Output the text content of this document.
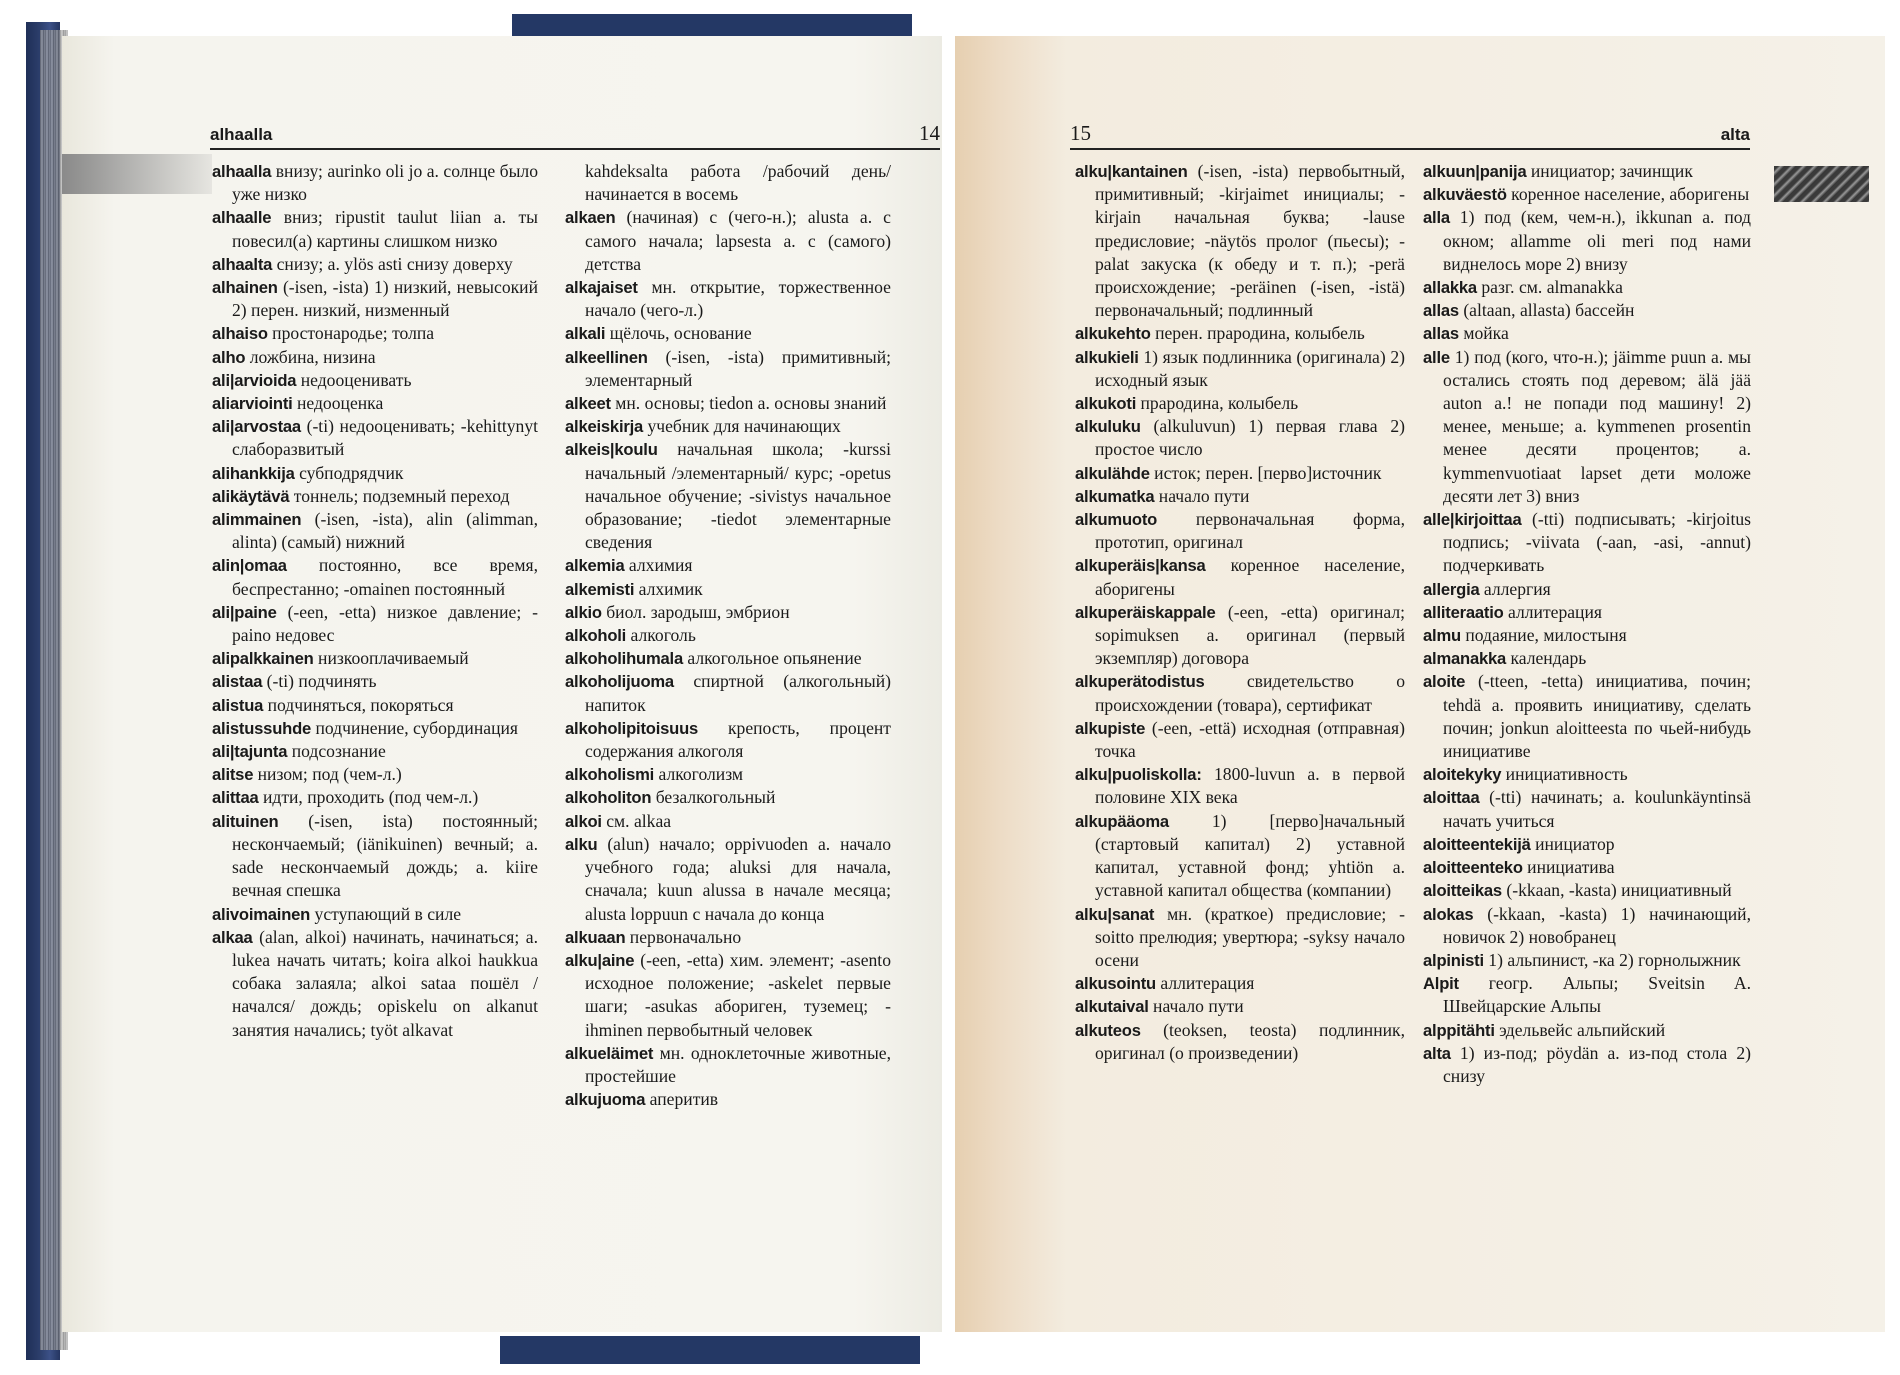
alhaalla	14

alhaalla внизу; aurinko oli jo a. солнце было уже низко

alhaalle вниз; ripustit taulut liian a. ты повесил(а) картины слишком низко

alhaalta снизу; a. ylös asti снизу доверху

alhainen (-isen, -ista) 1) низкий, невысокий 2) перен. низкий, низменный

alhaiso простонародье; толпа

alho ложбина, низина

ali|arvioida недооценивать

aliarviointi недооценка

ali|arvostaa (-ti) недооценивать; -kehittynyt слаборазвитый

alihankkija субподрядчик

alikäytävä тоннель; подземный переход

alimmainen (-isen, -ista), alin (alimman, alinta) (самый) нижний

alin|omaa постоянно, все время, беспрестанно; -omainen постоянный

ali|paine (-een, -etta) низкое давление; -paino недовес

alipalkkainen низкооплачиваемый

alistaa (-ti) подчинять

alistua подчиняться, покоряться

alistussuhde подчинение, субординация

ali|tajunta подсознание

alitse низом; под (чем-л.)

alittaa идти, проходить (под чем-л.)

alituinen (-isen, ista) постоянный; нескончаемый; (iänikuinen) вечный; a. sade нескончаемый дождь; a. kiire вечная спешка

alivoimainen уступающий в силе

alkaa (alan, alkoi) начинать, начинаться; a. lukea начать читать; koira alkoi haukkua собака залаяла; alkoi sataa пошёл /начался/ дождь; opiskelu on alkanut занятия начались; työt alkavat

kahdeksalta работа /рабочий день/ начинается в восемь

alkaen (начиная) с (чего-н.); alusta a. с самого начала; lapsesta a. с (самого) детства

alkajaiset мн. открытие, торжественное начало (чего-л.)

alkali щёлочь, основание

alkeellinen (-isen, -ista) примитивный; элементарный

alkeet мн. основы; tiedon a. основы знаний

alkeiskirja учебник для начинающих

alkeis|koulu начальная школа; -kurssi начальный /элементарный/ курс; -opetus начальное обучение; -sivistys начальное образование; -tiedot элементарные сведения

alkemia алхимия

alkemisti алхимик

alkio биол. зародыш, эмбрион

alkoholi алкоголь

alkoholihumala алкогольное опьянение

alkoholijuoma спиртной (алкогольный) напиток

alkoholipitoisuus крепость, процент содержания алкоголя

alkoholismi алкоголизм

alkoholiton безалкогольный

alkoi см. alkaa

alku (alun) начало; oppivuoden a. начало учебного года; aluksi для начала, сначала; kuun alussa в начале месяца; alusta loppuun с начала до конца

alkuaan первоначально

alku|aine (-een, -etta) хим. элемент; -asento исходное положение; -askelet первые шаги; -asukas абориген, туземец; -ihminen первобытный человек

alkueläimet мн. одноклеточные животные, простейшие

alkujuoma аперитив

15	alta

alku|kantainen (-isen, -ista) первобытный, примитивный; -kirjaimet инициалы; -kirjain начальная буква; -lause предисловие; -näytös пролог (пьесы); -palat закуска (к обеду и т. п.); -perä происхождение; -peräinen (-isen, -istä) первоначальный; подлинный

alkukehto перен. прародина, колыбель

alkukieli 1) язык подлинника (оригинала) 2) исходный язык

alkukoti прародина, колыбель

alkuluku (alkuluvun) 1) первая глава 2) простое число

alkulähde исток; перен. [перво]источник

alkumatka начало пути

alkumuoto первоначальная форма, прототип, оригинал

alkuperäis|kansa коренное население, аборигены

alkuperäiskappale (-een, -etta) оригинал; sopimuksen a. оригинал (первый экземпляр) договора

alkuperätodistus свидетельство о происхождении (товара), сертификат

alkupiste (-een, -että) исходная (отправная) точка

alku|puoliskolla: 1800-luvun a. в первой половине XIX века

alkupääoma 1) [перво]начальный (стартовый капитал) 2) уставной капитал, уставной фонд; yhtiön a. уставной капитал общества (компании)

alku|sanat мн. (краткое) предисловие; -soitto прелюдия; увертюра; -syksy начало осени

alkusointu аллитерация

alkutaival начало пути

alkuteos (teoksen, teosta) подлинник, оригинал (о произведении)

alkuun|panija инициатор; зачинщик

alkuväestö коренное население, аборигены

alla 1) под (кем, чем-н.), ikkunan a. под окном; allamme oli meri под нами виднелось море 2) внизу

allakka разг. см. almanakka

allas (altaan, allasta) бассейн

allas мойка

alle 1) под (кого, что-н.); jäimme puun a. мы остались стоять под деревом; älä jää auton a.! не попади под машину! 2) менее, меньше; a. kymmenen prosentin менее десяти процентов; a. kymmenvuotiaat lapset дети моложе десяти лет 3) вниз

alle|kirjoittaa (-tti) подписывать; -kirjoitus подпись; -viivata (-aan, -asi, -annut) подчеркивать

allergia аллергия

alliteraatio аллитерация

almu подаяние, милостыня

almanakka календарь

aloite (-tteen, -tetta) инициатива, почин; tehdä a. проявить инициативу, сделать почин; jonkun aloitteesta по чьей-нибудь инициативе

aloitekyky инициативность

aloittaa (-tti) начинать; a. koulunkäyntinsä начать учиться

aloitteentekijä инициатор

aloitteenteko инициатива

aloitteikas (-kkaan, -kasta) инициативный

alokas (-kkaan, -kasta) 1) начинающий, новичок 2) новобранец

alpinisti 1) альпинист, -ка 2) горнолыжник

Alpit геогр. Альпы; Sveitsin A. Швейцарские Альпы

alppitähti эдельвейс альпийский

alta 1) из-под; pöydän a. из-под стола 2) снизу
